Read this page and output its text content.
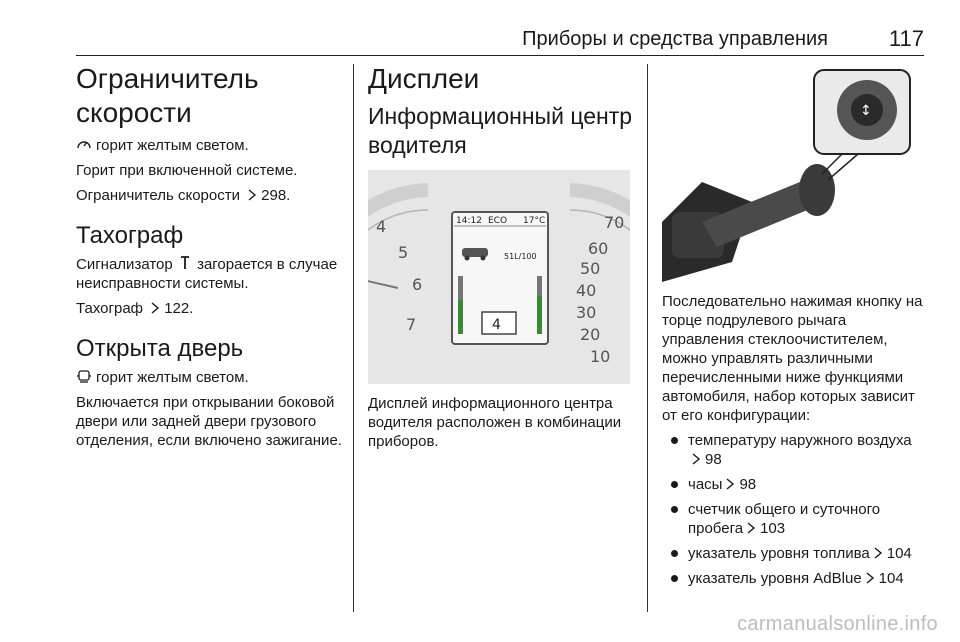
Приборы и средства управления	117
Ограничитель скорости

горит желтым светом.

Горит при включенной системе.

Ограничитель скорости 298.

Тахограф

Сигнализатор загорается в случае неисправности системы.

Тахограф 122.

Открыта дверь

горит желтым светом.

Включается при открывании боковой двери или задней двери грузового отделения, если включено зажигание.

Дисплеи
Информационный центр водителя
4
5
6
7
70
60
50
40
30
20
10
14:12 ECO 17°C
51L/100
4

Дисплей информационного центра водителя расположен в комбинации приборов.

↕

Последовательно нажимая кнопку на торце подрулевого рычага управления стеклоочистителем, можно управлять различными перечисленными ниже функциями автомобиля, набор которых зависит от его конфигурации:

температуру наружного воздуха98
часы 98
счетчик общего и суточного пробега 103
указатель уровня топлива 104
указатель уровня AdBlue 104
carmanualsonline.info
